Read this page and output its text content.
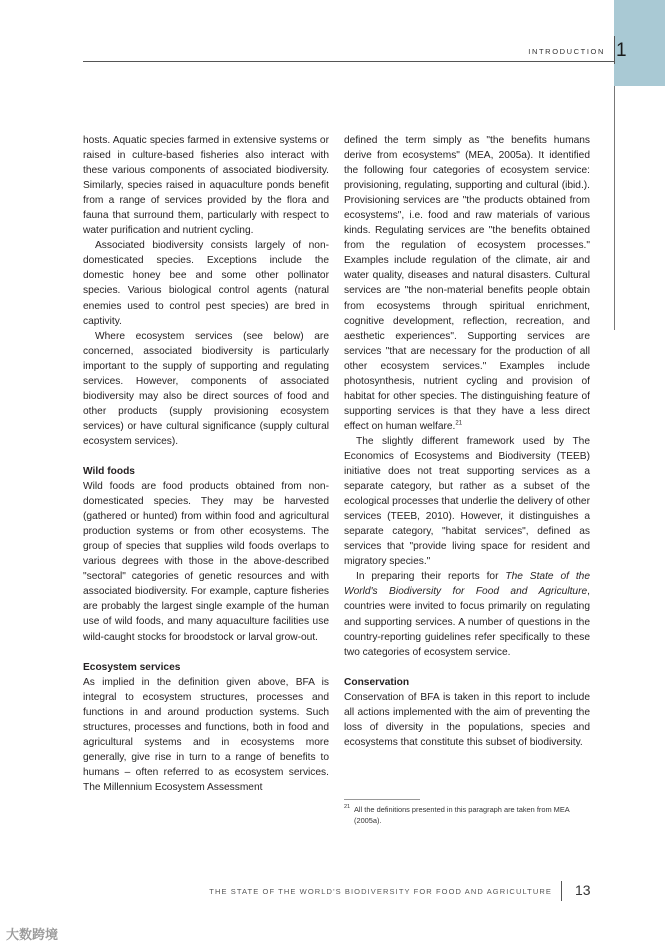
1
INTRODUCTION

hosts. Aquatic species farmed in extensive systems or raised in culture-based fisheries also interact with these various components of associated biodiversity. Similarly, species raised in aquaculture ponds benefit from a range of services provided by the flora and fauna that surround them, particularly with respect to water purification and nutrient cycling.

Associated biodiversity consists largely of non-domesticated species. Exceptions include the domestic honey bee and some other pollinator species. Various biological control agents (natural enemies used to control pest species) are bred in captivity.

Where ecosystem services (see below) are concerned, associated biodiversity is particularly important to the supply of supporting and regulating services. However, components of associated biodiversity may also be direct sources of food and other products (supply provisioning ecosystem services) or have cultural significance (supply cultural ecosystem services).

Wild foods

Wild foods are food products obtained from non-domesticated species. They may be harvested (gathered or hunted) from within food and agricultural production systems or from other ecosystems. The group of species that supplies wild foods overlaps to various degrees with those in the above-described "sectoral" categories of genetic resources and with associated biodiversity. For example, capture fisheries are probably the largest single example of the human use of wild foods, and many aquaculture facilities use wild-caught stocks for broodstock or larval grow-out.

Ecosystem services

As implied in the definition given above, BFA is integral to ecosystem structures, processes and functions in and around production systems. Such structures, processes and functions, both in food and agricultural systems and in ecosystems more generally, give rise in turn to a range of benefits to humans – often referred to as ecosystem services. The Millennium Ecosystem Assessment

defined the term simply as "the benefits humans derive from ecosystems" (MEA, 2005a). It identified the following four categories of ecosystem service: provisioning, regulating, supporting and cultural (ibid.). Provisioning services are "the products obtained from ecosystems", i.e. food and raw materials of various kinds. Regulating services are "the benefits obtained from the regulation of ecosystem processes." Examples include regulation of the climate, air and water quality, diseases and natural disasters. Cultural services are "the non-material benefits people obtain from ecosystems through spiritual enrichment, cognitive development, reflection, recreation, and aesthetic experiences". Supporting services are services "that are necessary for the production of all other ecosystem services." Examples include photosynthesis, nutrient cycling and provision of habitat for other species. The distinguishing feature of supporting services is that they have a less direct effect on human welfare.$^{21}$

The slightly different framework used by The Economics of Ecosystems and Biodiversity (TEEB) initiative does not treat supporting services as a separate category, but rather as a subset of the ecological processes that underlie the delivery of other services (TEEB, 2010). However, it distinguishes a separate category, "habitat services", defined as services that "provide living space for resident and migratory species."

In preparing their reports for The State of the World's Biodiversity for Food and Agriculture, countries were invited to focus primarily on regulating and supporting services. A number of questions in the country-reporting guidelines refer specifically to these two categories of ecosystem service.

Conservation

Conservation of BFA is taken in this report to include all actions implemented with the aim of preventing the loss of diversity in the populations, species and ecosystems that constitute this subset of biodiversity.

21 All the definitions presented in this paragraph are taken from MEA (2005a).
THE STATE OF THE WORLD'S BIODIVERSITY FOR FOOD AND AGRICULTURE 13
大数跨境
